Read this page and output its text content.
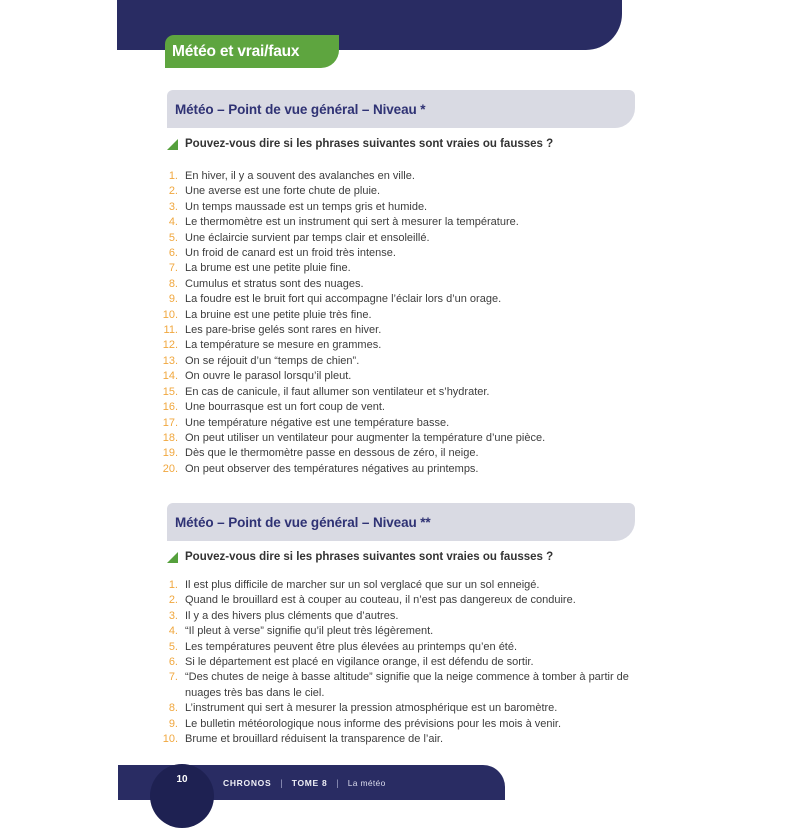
Météo et vrai/faux
Météo – Point de vue général – Niveau *
Pouvez-vous dire si les phrases suivantes sont vraies ou fausses ?
1. En hiver, il y a souvent des avalanches en ville.
2. Une averse est une forte chute de pluie.
3. Un temps maussade est un temps gris et humide.
4. Le thermomètre est un instrument qui sert à mesurer la température.
5. Une éclaircie survient par temps clair et ensoleillé.
6. Un froid de canard est un froid très intense.
7. La brume est une petite pluie fine.
8. Cumulus et stratus sont des nuages.
9. La foudre est le bruit fort qui accompagne l’éclair lors d’un orage.
10. La bruine est une petite pluie très fine.
11. Les pare-brise gelés sont rares en hiver.
12. La température se mesure en grammes.
13. On se réjouit d’un “temps de chien”.
14. On ouvre le parasol lorsqu’il pleut.
15. En cas de canicule, il faut allumer son ventilateur et s’hydrater.
16. Une bourrasque est un fort coup de vent.
17. Une température négative est une température basse.
18. On peut utiliser un ventilateur pour augmenter la température d’une pièce.
19. Dès que le thermomètre passe en dessous de zéro, il neige.
20. On peut observer des températures négatives au printemps.
Météo – Point de vue général – Niveau **
Pouvez-vous dire si les phrases suivantes sont vraies ou fausses ?
1. Il est plus difficile de marcher sur un sol verglacé que sur un sol enneigé.
2. Quand le brouillard est à couper au couteau, il n’est pas dangereux de conduire.
3. Il y a des hivers plus cléments que d’autres.
4. “Il pleut à verse” signifie qu’il pleut très légèrement.
5. Les températures peuvent être plus élevées au printemps qu’en été.
6. Si le département est placé en vigilance orange, il est défendu de sortir.
7. “Des chutes de neige à basse altitude” signifie que la neige commence à tomber à partir de nuages très bas dans le ciel.
8. L’instrument qui sert à mesurer la pression atmosphérique est un baromètre.
9. Le bulletin météorologique nous informe des prévisions pour les mois à venir.
10. Brume et brouillard réduisent la transparence de l’air.
10	CHRONOS | TOME 8 | La météo
